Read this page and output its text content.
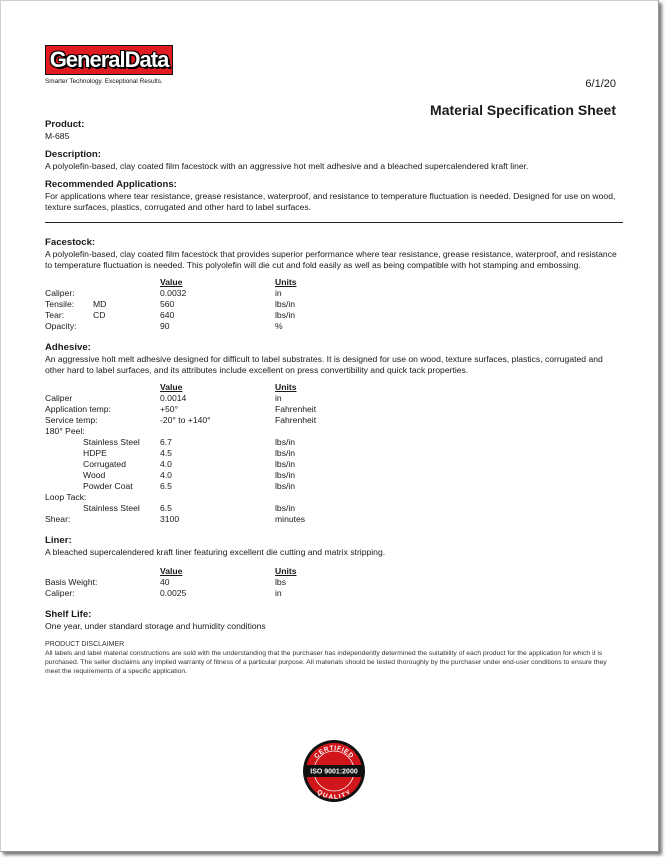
GeneralData
Smarter Technology. Exceptional Results.	6/1/20
Material Specification Sheet
Product:

M-685

Description:

A polyolefin-based, clay coated film facestock with an aggressive hot melt adhesive and a bleached supercalendered kraft liner.

Recommended Applications:

For applications where tear resistance, grease resistance, waterproof, and resistance to temperature fluctuation is needed. Designed for use on wood, texture surfaces, plastics, corrugated and other hard to label surfaces.

Facestock:

A polyolefin-based, clay coated film facestock that provides superior performance where tear resistance, grease resistance, waterproof, and resistance to temperature fluctuation is needed. This polyolefin will die cut and fold easily as well as being compatible with hot stamping and embossing.

	Value	Units
Caliper:	0.0032	in
Tensile: MD	560	lbs/in
Tear: CD	640	lbs/in
Opacity:	90	%
Adhesive:

An aggressive holt melt adhesive designed for difficult to label substrates. It is designed for use on wood, texture surfaces, plastics, corrugated and other hard to label surfaces, and its attributes include excellent on press convertibility and quick tack properties.

	Value	Units
Caliper	0.0014	in
Application temp:	+50°	Fahrenheit
Service temp:	-20° to +140°	Fahrenheit
180° Peel:		
Stainless Steel	6.7	lbs/in
HDPE	4.5	lbs/in
Corrugated	4.0	lbs/in
Wood	4.0	lbs/in
Powder Coat	6.5	lbs/in
Loop Tack:		
Stainless Steel	6.5	lbs/in
Shear:	3100	minutes
Liner:

A bleached supercalendered kraft liner featuring excellent die cutting and matrix stripping.

	Value	Units
Basis Weight:	40	lbs
Caliper:	0.0025	in
Shelf Life:

One year, under standard storage and humidity conditions

PRODUCT DISCLAIMER

All labels and label material constructions are sold with the understanding that the purchaser has independently determined the suitability of each product for the application for which it is purchased. The seller disclaims any implied warranty of fitness of a particular purpose. All materials should be tested thoroughly by the purchaser under end-user conditions to ensure they meet the requirements of a specific application.

CERTIFIED
ISO 9001:2000
QUALITY
